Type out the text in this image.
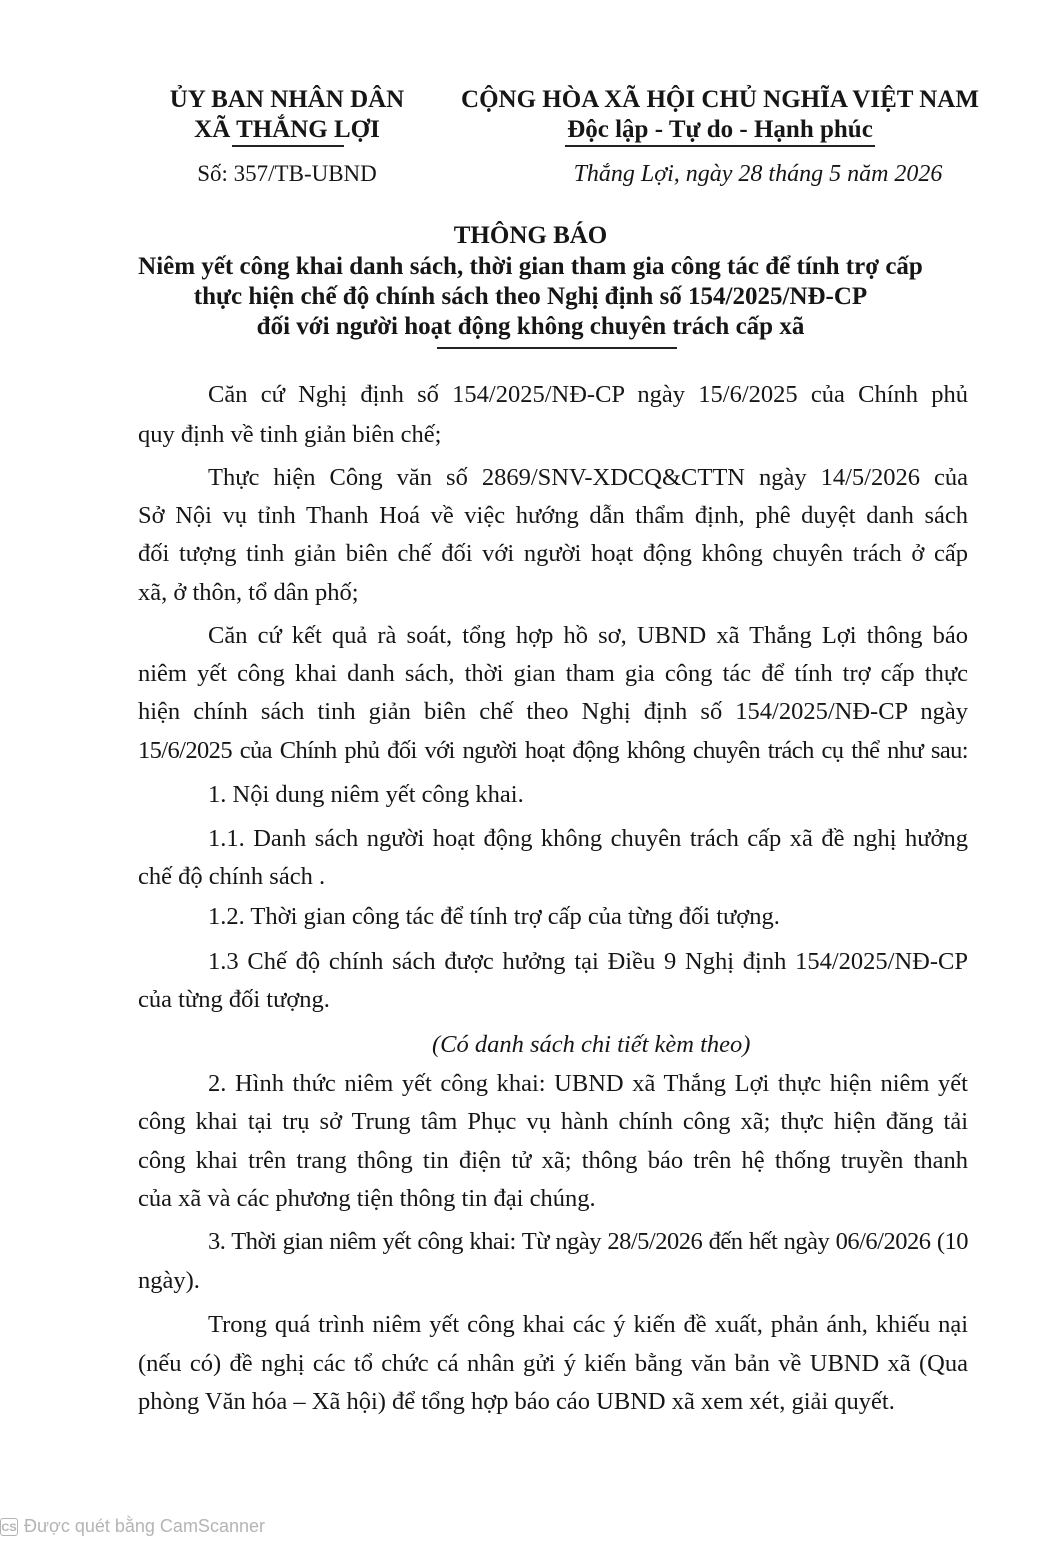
ỦY BAN NHÂN DÂN
XÃ THẮNG LỢI
CỘNG HÒA XÃ HỘI CHỦ NGHĨA VIỆT NAM
Độc lập - Tự do - Hạnh phúc
Số: 357/TB-UBND	Thắng Lợi, ngày 28 tháng 5 năm 2026
THÔNG BÁO
Niêm yết công khai danh sách, thời gian tham gia công tác để tính trợ cấp
thực hiện chế độ chính sách theo Nghị định số 154/2025/NĐ-CP
đối với người hoạt động không chuyên trách cấp xã
Căn cứ Nghị định số 154/2025/NĐ-CP ngày 15/6/2025 của Chính phủ
quy định về tinh giản biên chế;
Thực hiện Công văn số 2869/SNV-XDCQ&CTTN ngày 14/5/2026 của
Sở Nội vụ tỉnh Thanh Hoá về việc hướng dẫn thẩm định, phê duyệt danh sách
đối tượng tinh giản biên chế đối với người hoạt động không chuyên trách ở cấp
xã, ở thôn, tổ dân phố;
Căn cứ kết quả rà soát, tổng hợp hồ sơ, UBND xã Thắng Lợi thông báo
niêm yết công khai danh sách, thời gian tham gia công tác để tính trợ cấp thực
hiện chính sách tinh giản biên chế theo Nghị định số 154/2025/NĐ-CP ngày
15/6/2025 của Chính phủ đối với người hoạt động không chuyên trách cụ thể như sau:
1. Nội dung niêm yết công khai.
1.1. Danh sách người hoạt động không chuyên trách cấp xã đề nghị hưởng
chế độ chính sách .
1.2. Thời gian công tác để tính trợ cấp của từng đối tượng.
1.3 Chế độ chính sách được hưởng tại Điều 9 Nghị định 154/2025/NĐ-CP
của từng đối tượng.
(Có danh sách chi tiết kèm theo)
2. Hình thức niêm yết công khai: UBND xã Thắng Lợi thực hiện niêm yết
công khai tại trụ sở Trung tâm Phục vụ hành chính công xã; thực hiện đăng tải
công khai trên trang thông tin điện tử xã; thông báo trên hệ thống truyền thanh
của xã và các phương tiện thông tin đại chúng.
3. Thời gian niêm yết công khai: Từ ngày 28/5/2026 đến hết ngày 06/6/2026 (10
ngày).
Trong quá trình niêm yết công khai các ý kiến đề xuất, phản ánh, khiếu nại
(nếu có) đề nghị các tổ chức cá nhân gửi ý kiến bằng văn bản về UBND xã (Qua
phòng Văn hóa – Xã hội) để tổng hợp báo cáo UBND xã xem xét, giải quyết.
CS Được quét bằng CamScanner
